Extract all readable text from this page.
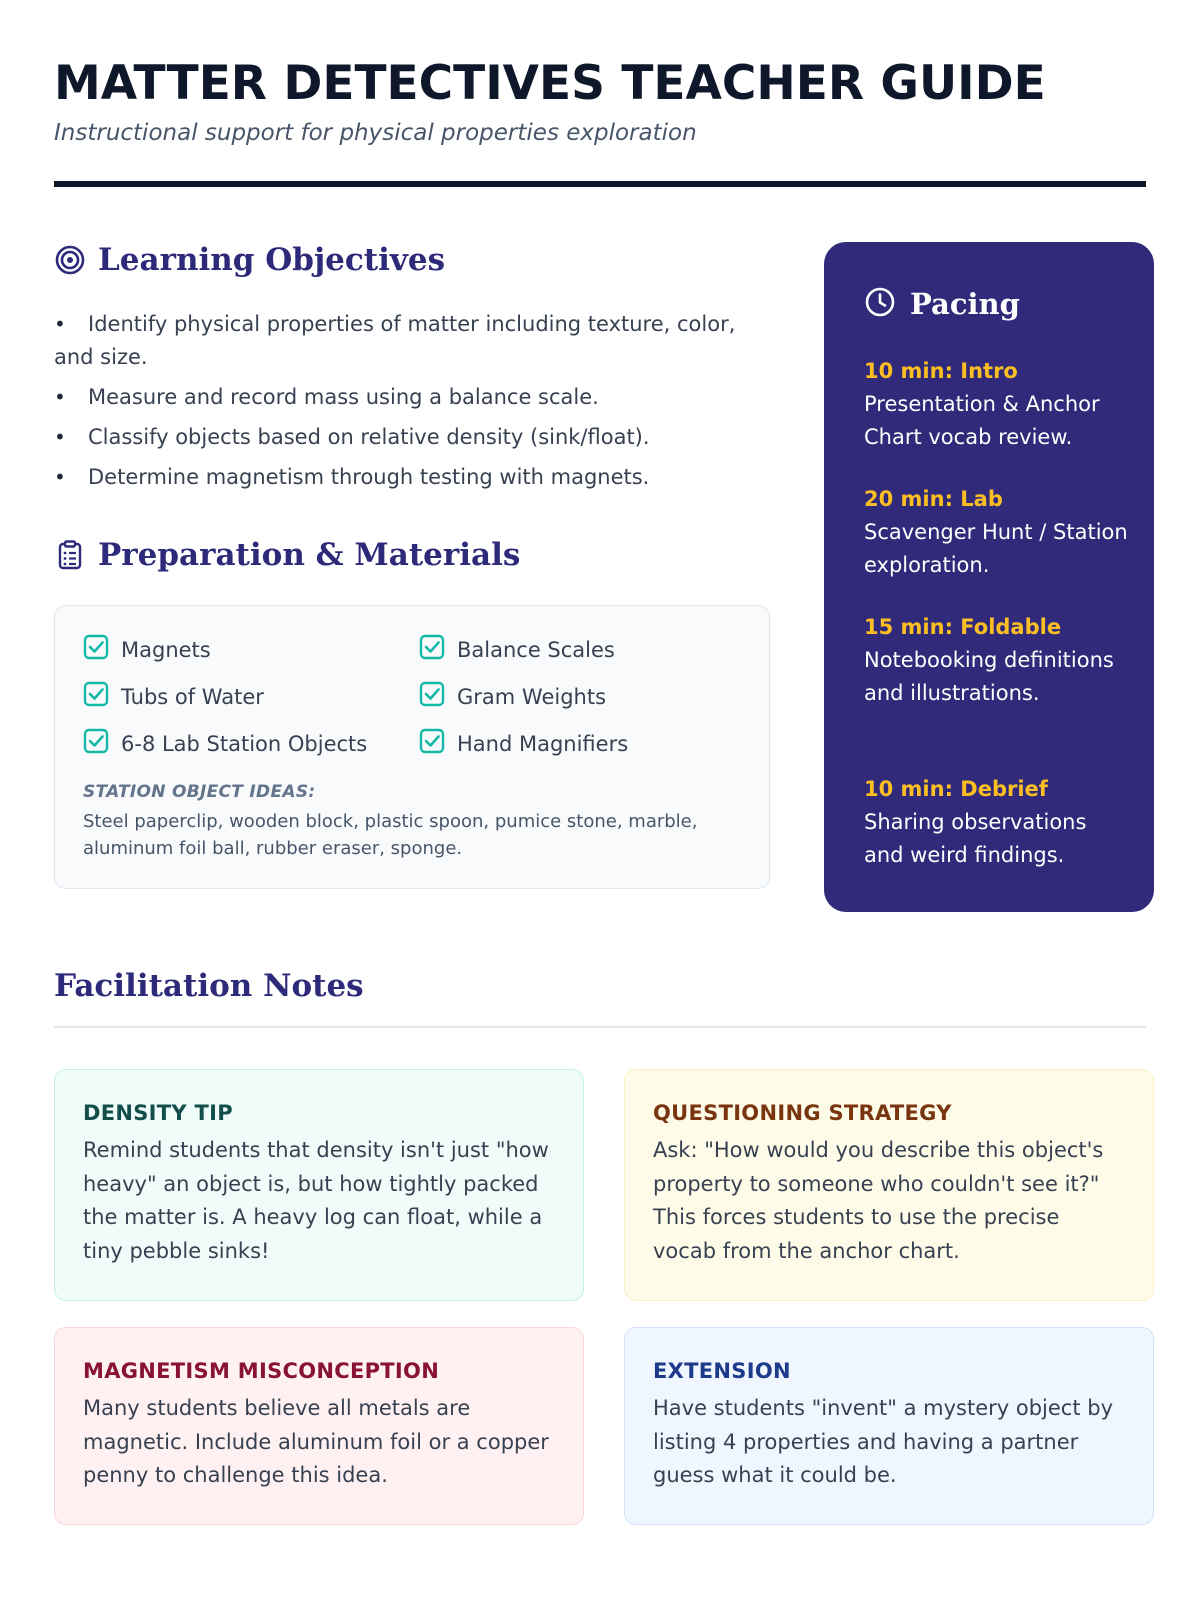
MATTER DETECTIVES TEACHER GUIDE
Instructional support for physical properties exploration
Learning Objectives
• Identify physical properties of matter including texture, color, and size.
• Measure and record mass using a balance scale.
• Classify objects based on relative density (sink/float).
• Determine magnetism through testing with magnets.
Preparation & Materials
Magnets	Balance Scales
Tubs of Water	Gram Weights
6-8 Lab Station Objects	Hand Magnifiers
STATION OBJECT IDEAS:
Steel paperclip, wooden block, plastic spoon, pumice stone, marble, aluminum foil ball, rubber eraser, sponge.
Pacing
10 min: Intro
Presentation & Anchor Chart vocab review.
20 min: Lab
Scavenger Hunt / Station exploration.
15 min: Foldable
Notebooking definitions and illustrations.
10 min: Debrief
Sharing observations and weird findings.
Facilitation Notes
DENSITY TIP

Remind students that density isn't just "how heavy" an object is, but how tightly packed the matter is. A heavy log can float, while a tiny pebble sinks!

QUESTIONING STRATEGY

Ask: "How would you describe this object's property to someone who couldn't see it?" This forces students to use the precise vocab from the anchor chart.

MAGNETISM MISCONCEPTION

Many students believe all metals are magnetic. Include aluminum foil or a copper penny to challenge this idea.

EXTENSION

Have students "invent" a mystery object by listing 4 properties and having a partner guess what it could be.
